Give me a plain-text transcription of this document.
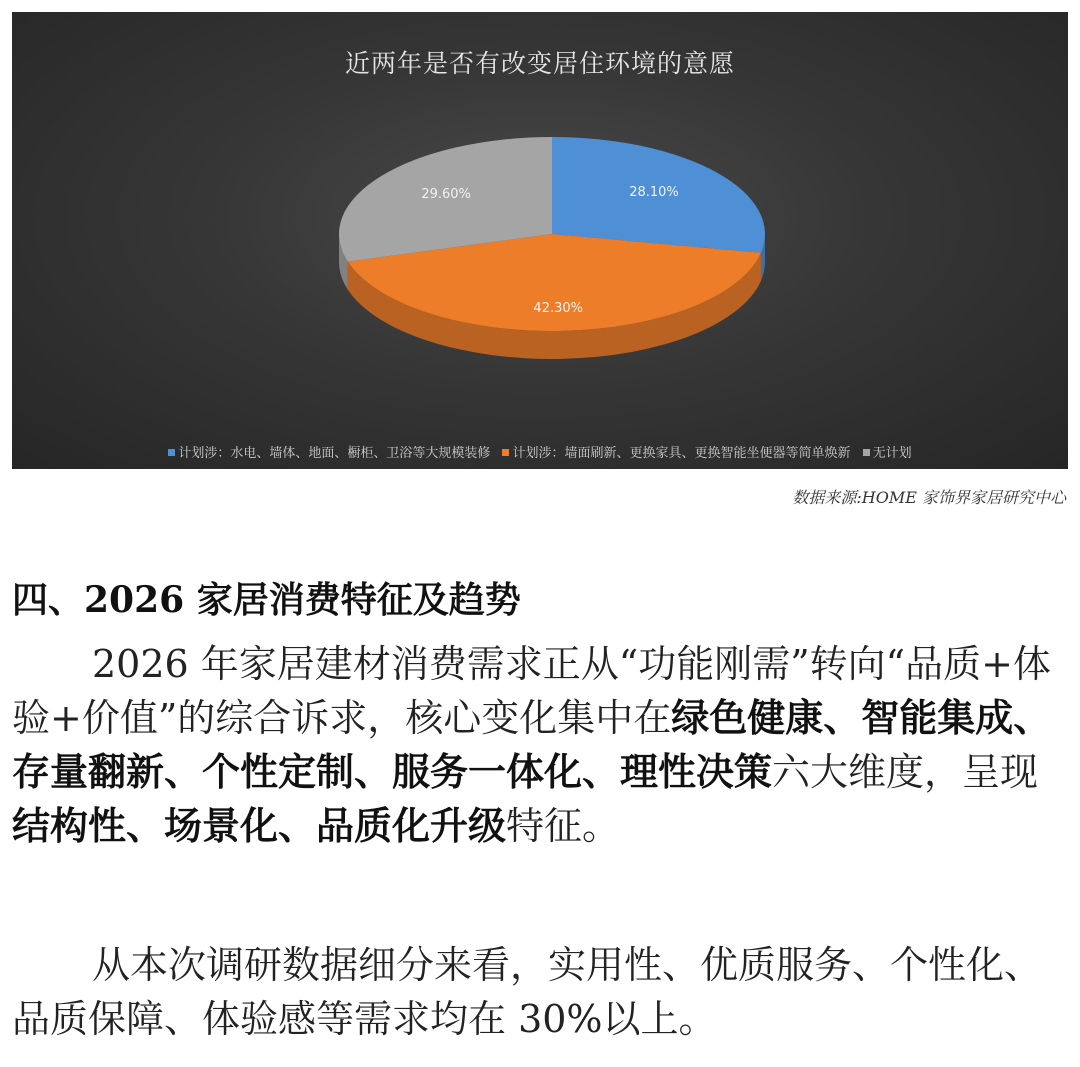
近两年是否有改变居住环境的意愿
28.10%
42.30%
29.60%
计划涉：水电、墙体、地面、橱柜、卫浴等大规模装修 计划涉：墙面刷新、更换家具、更换智能坐便器等简单焕新 无计划
数据来源:HOME 家饰界家居研究中心
四、2026 家居消费特征及趋势

2026 年家居建材消费需求正从“功能刚需”转向“品质+体验+价值”的综合诉求，核心变化集中在绿色健康、智能集成、存量翻新、个性定制、服务一体化、理性决策六大维度，呈现结构性、场景化、品质化升级特征。

从本次调研数据细分来看，实用性、优质服务、个性化、品质保障、体验感等需求均在 30%以上。
